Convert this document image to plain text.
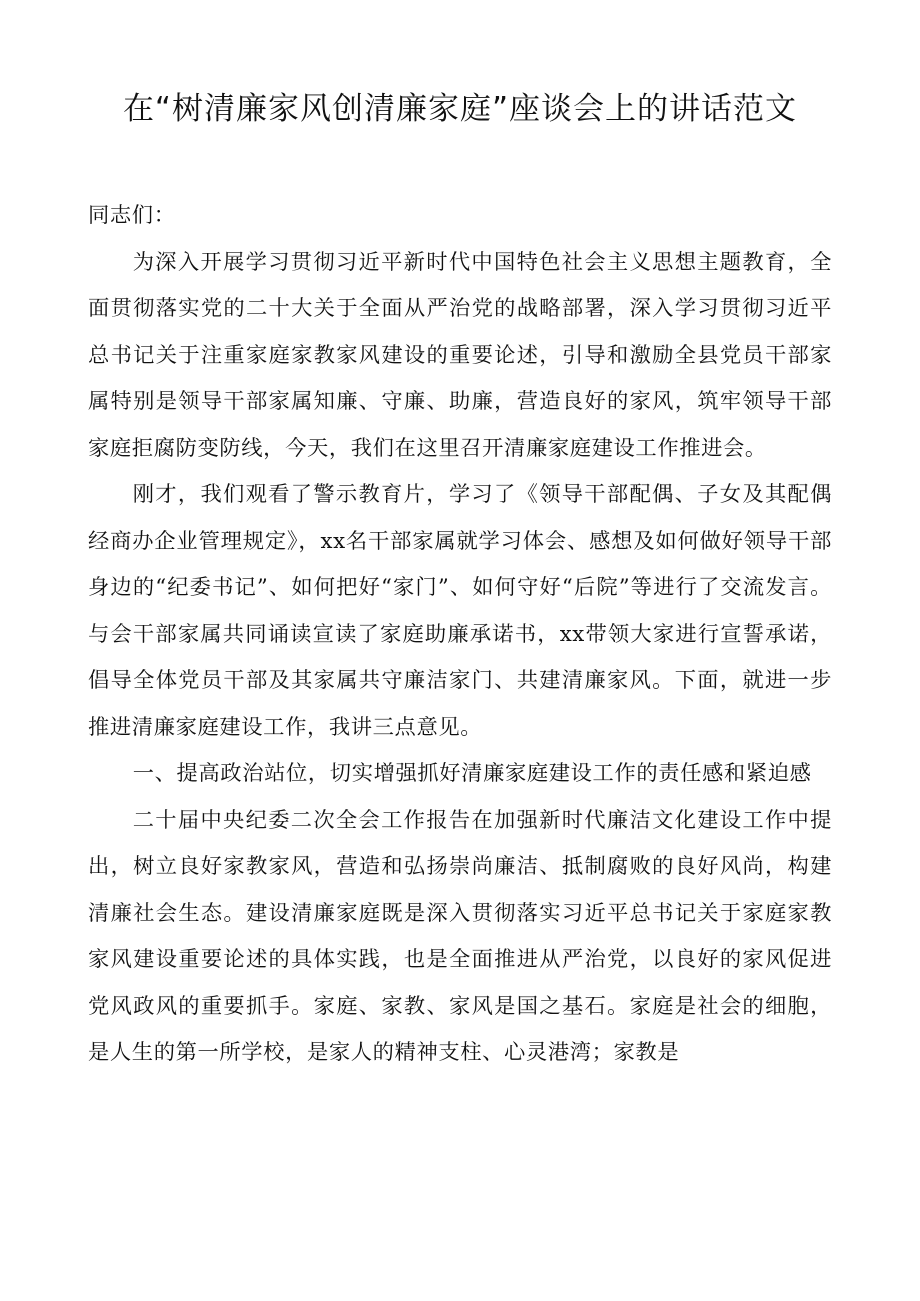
在“树清廉家风创清廉家庭”座谈会上的讲话范文

同志们：

为深入开展学习贯彻习近平新时代中国特色社会主义思想主题教育，全面贯彻落实党的二十大关于全面从严治党的战略部署，深入学习贯彻习近平总书记关于注重家庭家教家风建设的重要论述，引导和激励全县党员干部家属特别是领导干部家属知廉、守廉、助廉，营造良好的家风，筑牢领导干部家庭拒腐防变防线，今天，我们在这里召开清廉家庭建设工作推进会。

刚才，我们观看了警示教育片，学习了《领导干部配偶、子女及其配偶经商办企业管理规定》，xx名干部家属就学习体会、感想及如何做好领导干部身边的“纪委书记”、如何把好“家门”、如何守好“后院”等进行了交流发言。与会干部家属共同诵读宣读了家庭助廉承诺书，xx带领大家进行宣誓承诺，倡导全体党员干部及其家属共守廉洁家门、共建清廉家风。下面，就进一步推进清廉家庭建设工作，我讲三点意见。

一、提高政治站位，切实增强抓好清廉家庭建设工作的责任感和紧迫感

二十届中央纪委二次全会工作报告在加强新时代廉洁文化建设工作中提出，树立良好家教家风，营造和弘扬崇尚廉洁、抵制腐败的良好风尚，构建清廉社会生态。建设清廉家庭既是深入贯彻落实习近平总书记关于家庭家教家风建设重要论述的具体实践，也是全面推进从严治党，以良好的家风促进党风政风的重要抓手。家庭、家教、家风是国之基石。家庭是社会的细胞，是人生的第一所学校，是家人的精神支柱、心灵港湾；家教是
